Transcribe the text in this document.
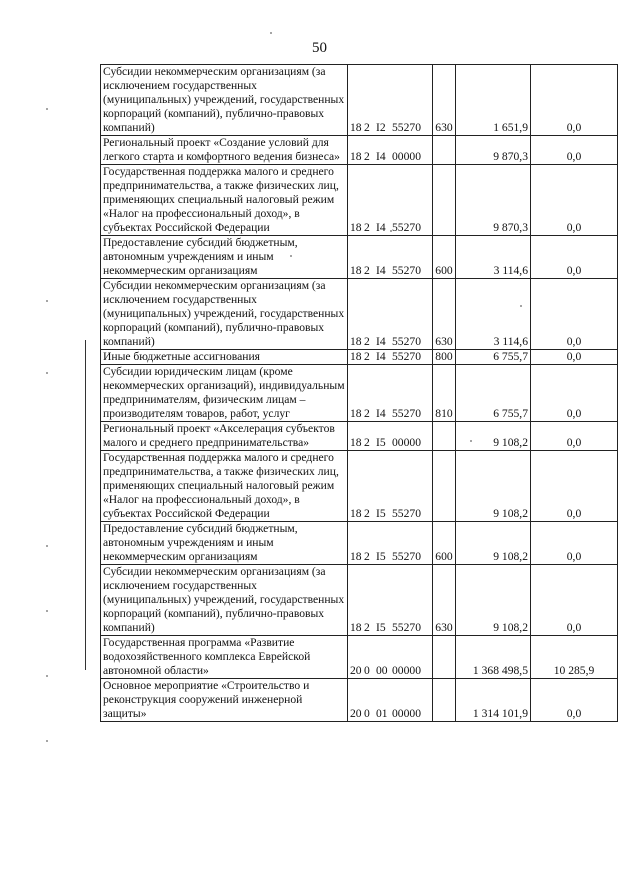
50
Субсидии некоммерческим организациям (за исключением государственных (муниципальных) учреждений, государственных корпораций (компаний), публично-правовых компаний)	18 2 I2 55270	630	1 651,9	0,0
Региональный проект «Создание условий для легкого старта и комфортного ведения бизнеса»	18 2 I4 00000		9 870,3	0,0
Государственная поддержка малого и среднего предпринимательства, а также физических лиц, применяющих специальный налоговый режим «Налог на профессиональный доход», в субъектах Российской Федерации	18 2 I4 55270		9 870,3	0,0
Предоставление субсидий бюджетным, автономным учреждениям и иным некоммерческим организациям	18 2 I4 55270	600	3 114,6	0,0
Субсидии некоммерческим организациям (за исключением государственных (муниципальных) учреждений, государственных корпораций (компаний), публично-правовых компаний)	18 2 I4 55270	630	3 114,6	0,0
Иные бюджетные ассигнования	18 2 I4 55270	800	6 755,7	0,0
Субсидии юридическим лицам (кроме некоммерческих организаций), индивидуальным предпринимателям, физическим лицам – производителям товаров, работ, услуг	18 2 I4 55270	810	6 755,7	0,0
Региональный проект «Акселерация субъектов малого и среднего предпринимательства»	18 2 I5 00000		9 108,2	0,0
Государственная поддержка малого и среднего предпринимательства, а также физических лиц, применяющих специальный налоговый режим «Налог на профессиональный доход», в субъектах Российской Федерации	18 2 I5 55270		9 108,2	0,0
Предоставление субсидий бюджетным, автономным учреждениям и иным некоммерческим организациям	18 2 I5 55270	600	9 108,2	0,0
Субсидии некоммерческим организациям (за исключением государственных (муниципальных) учреждений, государственных корпораций (компаний), публично-правовых компаний)	18 2 I5 55270	630	9 108,2	0,0
Государственная программа «Развитие водохозяйственного комплекса Еврейской автономной области»	20 0 00 00000		1 368 498,5	10 285,9
Основное мероприятие «Строительство и реконструкция сооружений инженерной защиты»	20 0 01 00000		1 314 101,9	0,0
